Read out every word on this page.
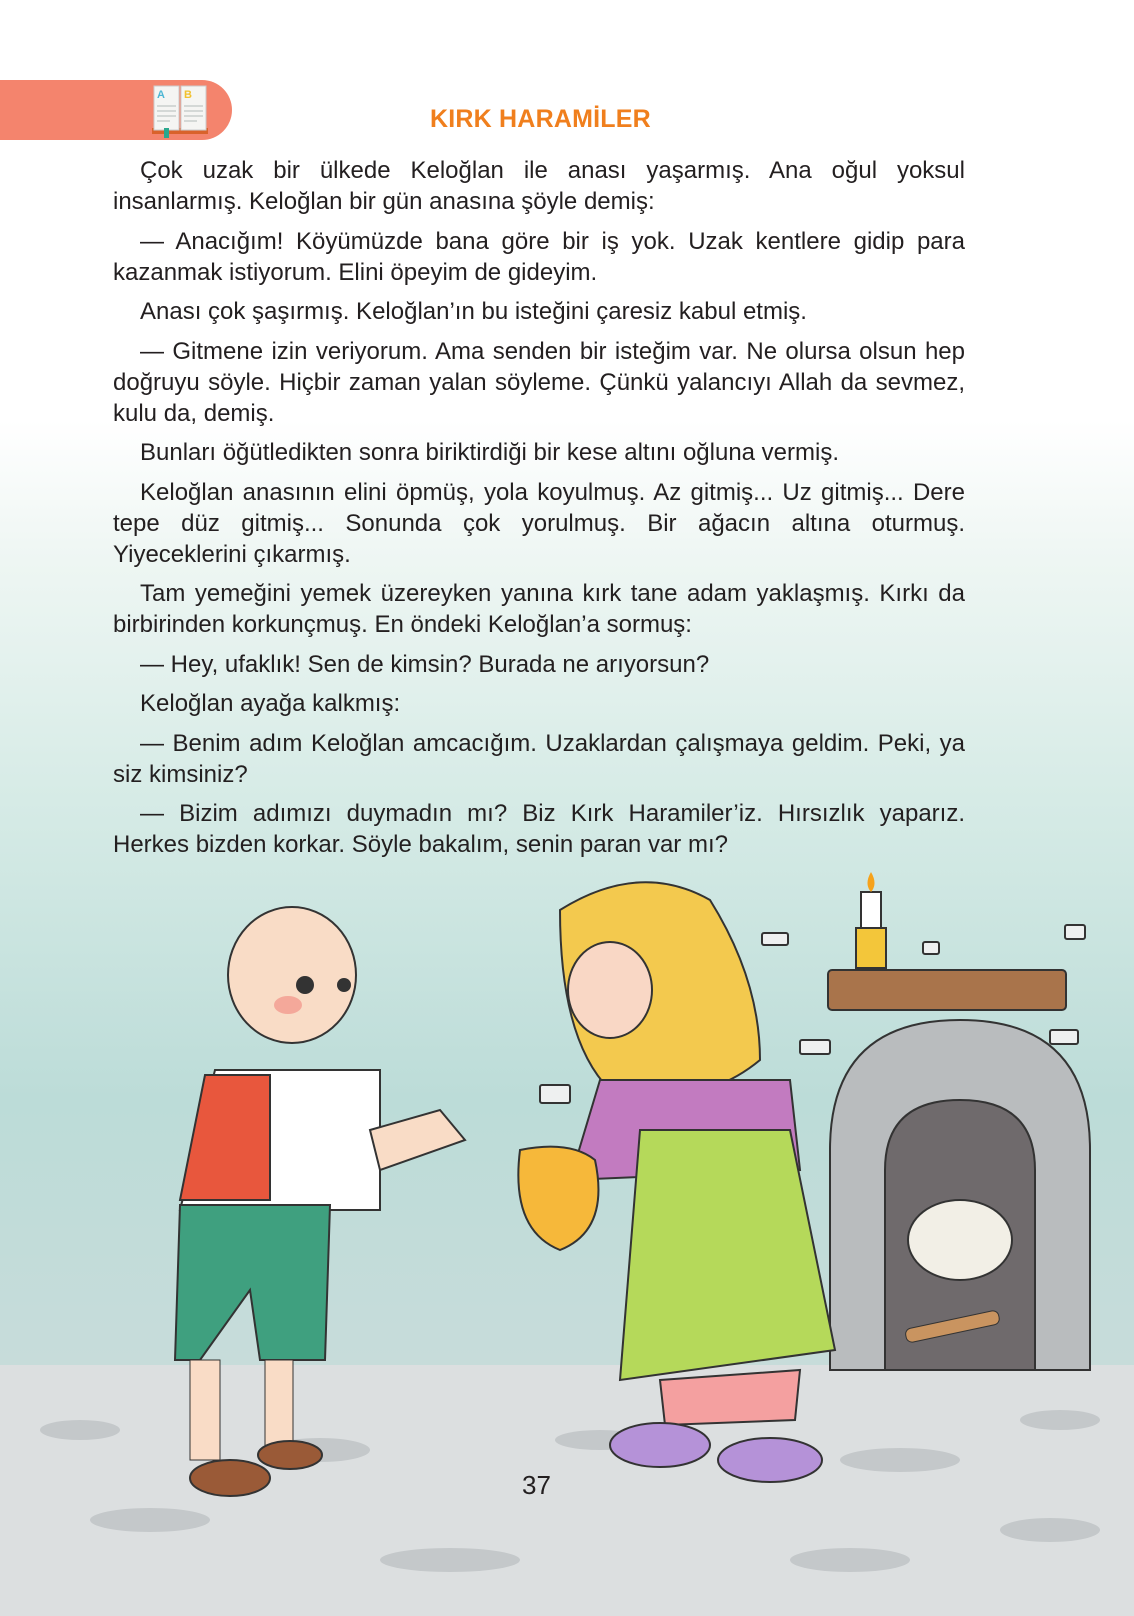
A B
KIRK HARAMİLER

Çok uzak bir ülkede Keloğlan ile anası yaşarmış. Ana oğul yoksul insanlarmış. Keloğlan bir gün anasına şöyle demiş:

— Anacığım! Köyümüzde bana göre bir iş yok. Uzak kentlere gidip para kazanmak istiyorum. Elini öpeyim de gideyim.

Anası çok şaşırmış. Keloğlan’ın bu isteğini çaresiz kabul etmiş.

— Gitmene izin veriyorum. Ama senden bir isteğim var. Ne olursa olsun hep doğruyu söyle. Hiçbir zaman yalan söyleme. Çünkü yalancıyı Allah da sevmez, kulu da, demiş.

Bunları öğütledikten sonra biriktirdiği bir kese altını oğluna vermiş.

Keloğlan anasının elini öpmüş, yola koyulmuş. Az gitmiş... Uz gitmiş... Dere tepe düz gitmiş... Sonunda çok yorulmuş. Bir ağacın altına oturmuş. Yiyeceklerini çıkarmış.

Tam yemeğini yemek üzereyken yanına kırk tane adam yaklaşmış. Kırkı da birbirinden korkunçmuş. En öndeki Keloğlan’a sormuş:

— Hey, ufaklık! Sen de kimsin? Burada ne arıyorsun?

Keloğlan ayağa kalkmış:

— Benim adım Keloğlan amcacığım. Uzaklardan çalışmaya geldim. Peki, ya siz kimsiniz?

— Bizim adımızı duymadın mı? Biz Kırk Haramiler’iz. Hırsızlık yaparız. Herkes bizden korkar. Söyle bakalım, senin paran var mı?

37
